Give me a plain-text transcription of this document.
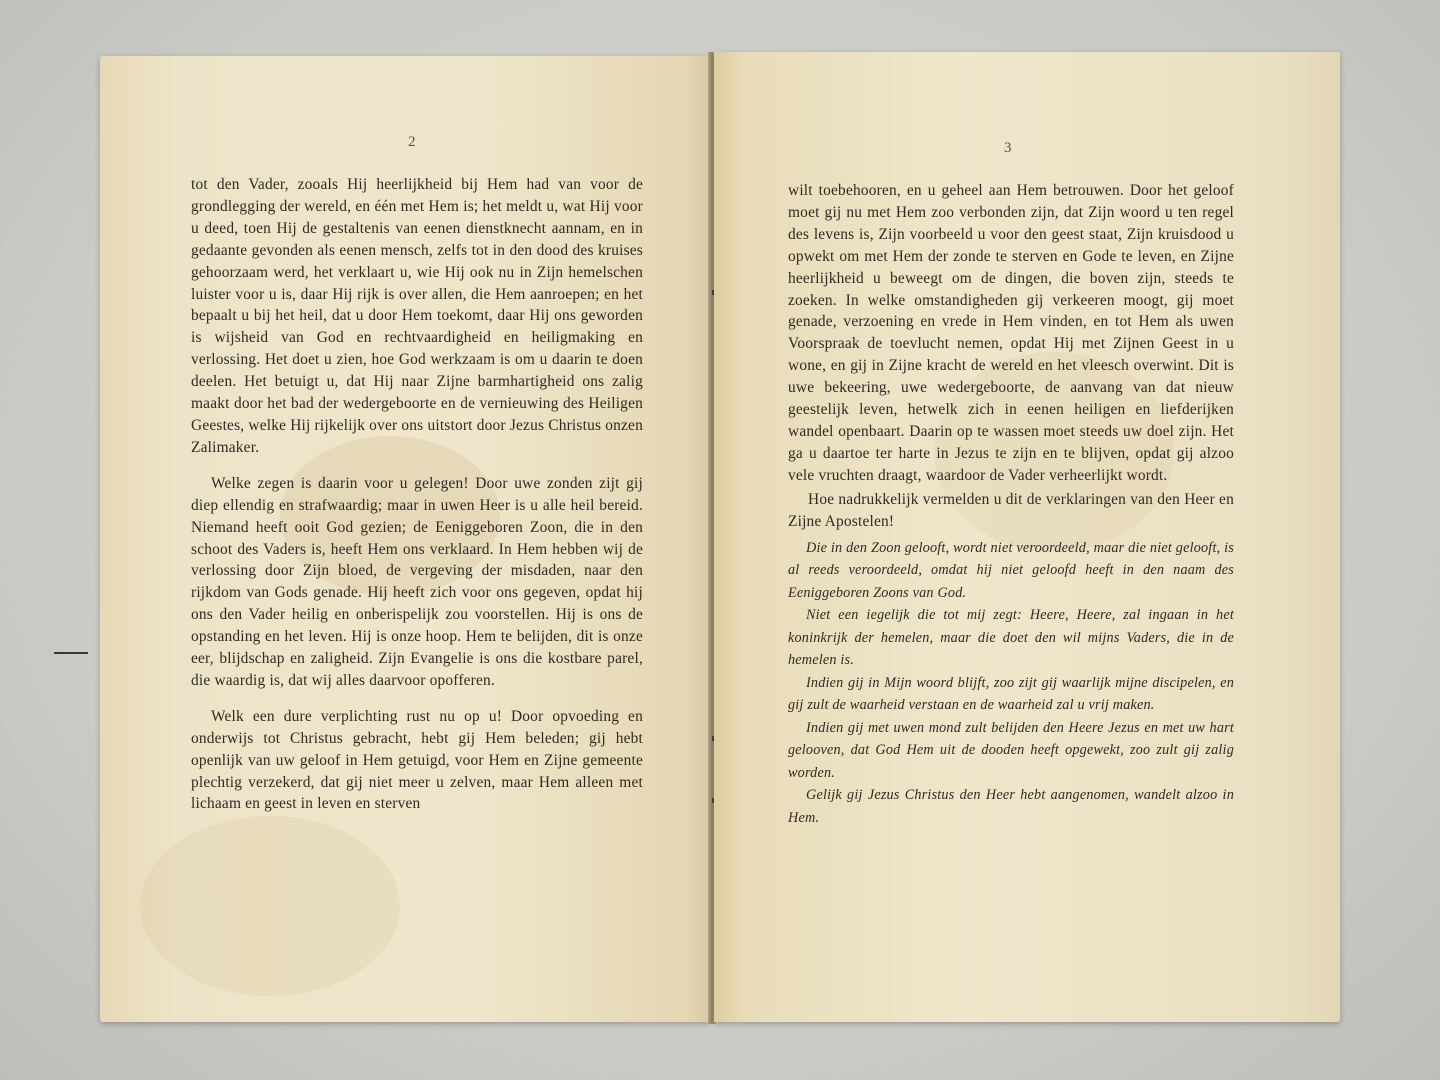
2

tot den Vader, zooals Hij heerlijkheid bij Hem had van voor de grondlegging der wereld, en één met Hem is; het meldt u, wat Hij voor u deed, toen Hij de gestaltenis van eenen dienstknecht aannam, en in gedaante gevonden als eenen mensch, zelfs tot in den dood des kruises gehoorzaam werd, het verklaart u, wie Hij ook nu in Zijn hemelschen luister voor u is, daar Hij rijk is over allen, die Hem aanroepen; en het bepaalt u bij het heil, dat u door Hem toekomt, daar Hij ons geworden is wijsheid van God en rechtvaardigheid en heiligmaking en verlossing. Het doet u zien, hoe God werkzaam is om u daarin te doen deelen. Het betuigt u, dat Hij naar Zijne barmhartigheid ons zalig maakt door het bad der wedergeboorte en de vernieuwing des Heiligen Geestes, welke Hij rijkelijk over ons uitstort door Jezus Christus onzen Zalimaker.

Welke zegen is daarin voor u gelegen! Door uwe zonden zijt gij diep ellendig en strafwaardig; maar in uwen Heer is u alle heil bereid. Niemand heeft ooit God gezien; de Eeniggeboren Zoon, die in den schoot des Vaders is, heeft Hem ons verklaard. In Hem hebben wij de verlossing door Zijn bloed, de vergeving der misdaden, naar den rijkdom van Gods genade. Hij heeft zich voor ons gegeven, opdat hij ons den Vader heilig en onberispelijk zou voorstellen. Hij is ons de opstanding en het leven. Hij is onze hoop. Hem te belijden, dit is onze eer, blijdschap en zaligheid. Zijn Evangelie is ons die kostbare parel, die waardig is, dat wij alles daarvoor opofferen.

Welk een dure verplichting rust nu op u! Door opvoeding en onderwijs tot Christus gebracht, hebt gij Hem beleden; gij hebt openlijk van uw geloof in Hem getuigd, voor Hem en Zijne gemeente plechtig verzekerd, dat gij niet meer u zelven, maar Hem alleen met lichaam en geest in leven en sterven

3

wilt toebehooren, en u geheel aan Hem betrouwen. Door het geloof moet gij nu met Hem zoo verbonden zijn, dat Zijn woord u ten regel des levens is, Zijn voorbeeld u voor den geest staat, Zijn kruisdood u opwekt om met Hem der zonde te sterven en Gode te leven, en Zijne heerlijkheid u beweegt om de dingen, die boven zijn, steeds te zoeken. In welke omstandigheden gij verkeeren moogt, gij moet genade, verzoening en vrede in Hem vinden, en tot Hem als uwen Voorspraak de toevlucht nemen, opdat Hij met Zijnen Geest in u wone, en gij in Zijne kracht de wereld en het vleesch overwint. Dit is uwe bekeering, uwe wedergeboorte, de aanvang van dat nieuw geestelijk leven, hetwelk zich in eenen heiligen en liefderijken wandel openbaart. Daarin op te wassen moet steeds uw doel zijn. Het ga u daartoe ter harte in Jezus te zijn en te blijven, opdat gij alzoo vele vruchten draagt, waardoor de Vader verheerlijkt wordt.

Hoe nadrukkelijk vermelden u dit de verklaringen van den Heer en Zijne Apostelen!

Die in den Zoon gelooft, wordt niet veroordeeld, maar die niet gelooft, is al reeds veroordeeld, omdat hij niet geloofd heeft in den naam des Eeniggeboren Zoons van God.

Niet een iegelijk die tot mij zegt: Heere, Heere, zal ingaan in het koninkrijk der hemelen, maar die doet den wil mijns Vaders, die in de hemelen is.

Indien gij in Mijn woord blijft, zoo zijt gij waarlijk mijne discipelen, en gij zult de waarheid verstaan en de waarheid zal u vrij maken.

Indien gij met uwen mond zult belijden den Heere Jezus en met uw hart gelooven, dat God Hem uit de dooden heeft opgewekt, zoo zult gij zalig worden.

Gelijk gij Jezus Christus den Heer hebt aangenomen, wandelt alzoo in Hem.
